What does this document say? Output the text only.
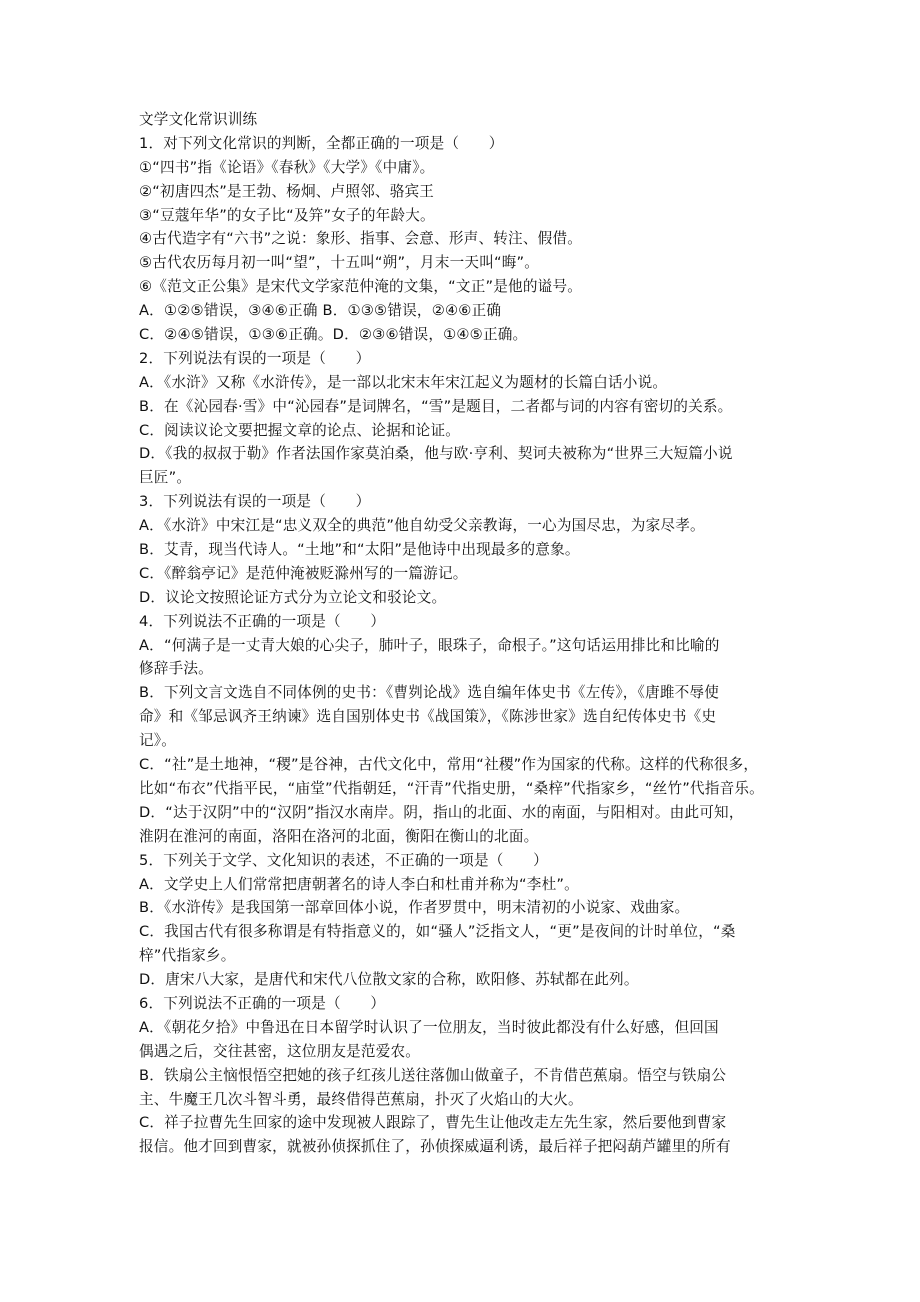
文学文化常识训练
1．对下列文化常识的判断，全都正确的一项是（　　）
①“四书”指《论语》《春秋》《大学》《中庸》。
②“初唐四杰”是王勃、杨炯、卢照邻、骆宾王
③“豆蔻年华”的女子比“及笄”女子的年龄大。
④古代造字有“六书”之说：象形、指事、会意、形声、转注、假借。
⑤古代农历每月初一叫“望”，十五叫“朔”，月末一天叫“晦”。
⑥《范文正公集》是宋代文学家范仲淹的文集，“文正”是他的谥号。
A．①②⑤错误，③④⑥正确 B．①③⑤错误，②④⑥正确
C．②④⑤错误，①③⑥正确。D．②③⑥错误，①④⑤正确。
2．下列说法有误的一项是（　　）
A．《水浒》又称《水浒传》，是一部以北宋末年宋江起义为题材的长篇白话小说。
B．在《沁园春·雪》中“沁园春”是词牌名，“雪”是题目，二者都与词的内容有密切的关系。
C．阅读议论文要把握文章的论点、论据和论证。
D．《我的叔叔于勒》作者法国作家莫泊桑，他与欧·亨利、契诃夫被称为“世界三大短篇小说
巨匠”。
3．下列说法有误的一项是（　　）
A．《水浒》中宋江是“忠义双全的典范”他自幼受父亲教诲，一心为国尽忠，为家尽孝。
B．艾青，现当代诗人。“土地”和“太阳”是他诗中出现最多的意象。
C．《醉翁亭记》是范仲淹被贬滁州写的一篇游记。
D．议论文按照论证方式分为立论文和驳论文。
4．下列说法不正确的一项是（　　）
A．“何满子是一丈青大娘的心尖子，肺叶子，眼珠子，命根子。”这句话运用排比和比喻的
修辞手法。
B．下列文言文选自不同体例的史书：《曹刿论战》选自编年体史书《左传》，《唐雎不辱使
命》和《邹忌讽齐王纳谏》选自国别体史书《战国策》，《陈涉世家》选自纪传体史书《史
记》。
C．“社”是土地神，“稷”是谷神，古代文化中，常用“社稷”作为国家的代称。这样的代称很多，
比如“布衣”代指平民，“庙堂”代指朝廷，“汗青”代指史册，“桑梓”代指家乡，“丝竹”代指音乐。
D．“达于汉阴”中的“汉阴”指汉水南岸。阴，指山的北面、水的南面，与阳相对。由此可知，
淮阴在淮河的南面，洛阳在洛河的北面，衡阳在衡山的北面。
5．下列关于文学、文化知识的表述，不正确的一项是（　　）
A．文学史上人们常常把唐朝著名的诗人李白和杜甫并称为“李杜”。
B．《水浒传》是我国第一部章回体小说，作者罗贯中，明末清初的小说家、戏曲家。
C．我国古代有很多称谓是有特指意义的，如“骚人”泛指文人，“更”是夜间的计时单位，“桑
梓”代指家乡。
D．唐宋八大家，是唐代和宋代八位散文家的合称，欧阳修、苏轼都在此列。
6．下列说法不正确的一项是（　　）
A．《朝花夕拾》中鲁迅在日本留学时认识了一位朋友，当时彼此都没有什么好感，但回国
偶遇之后，交往甚密，这位朋友是范爱农。
B．铁扇公主恼恨悟空把她的孩子红孩儿送往落伽山做童子，不肯借芭蕉扇。悟空与铁扇公
主、牛魔王几次斗智斗勇，最终借得芭蕉扇，扑灭了火焰山的大火。
C．祥子拉曹先生回家的途中发现被人跟踪了，曹先生让他改走左先生家，然后要他到曹家
报信。他才回到曹家，就被孙侦探抓住了，孙侦探威逼利诱，最后祥子把闷葫芦罐里的所有
